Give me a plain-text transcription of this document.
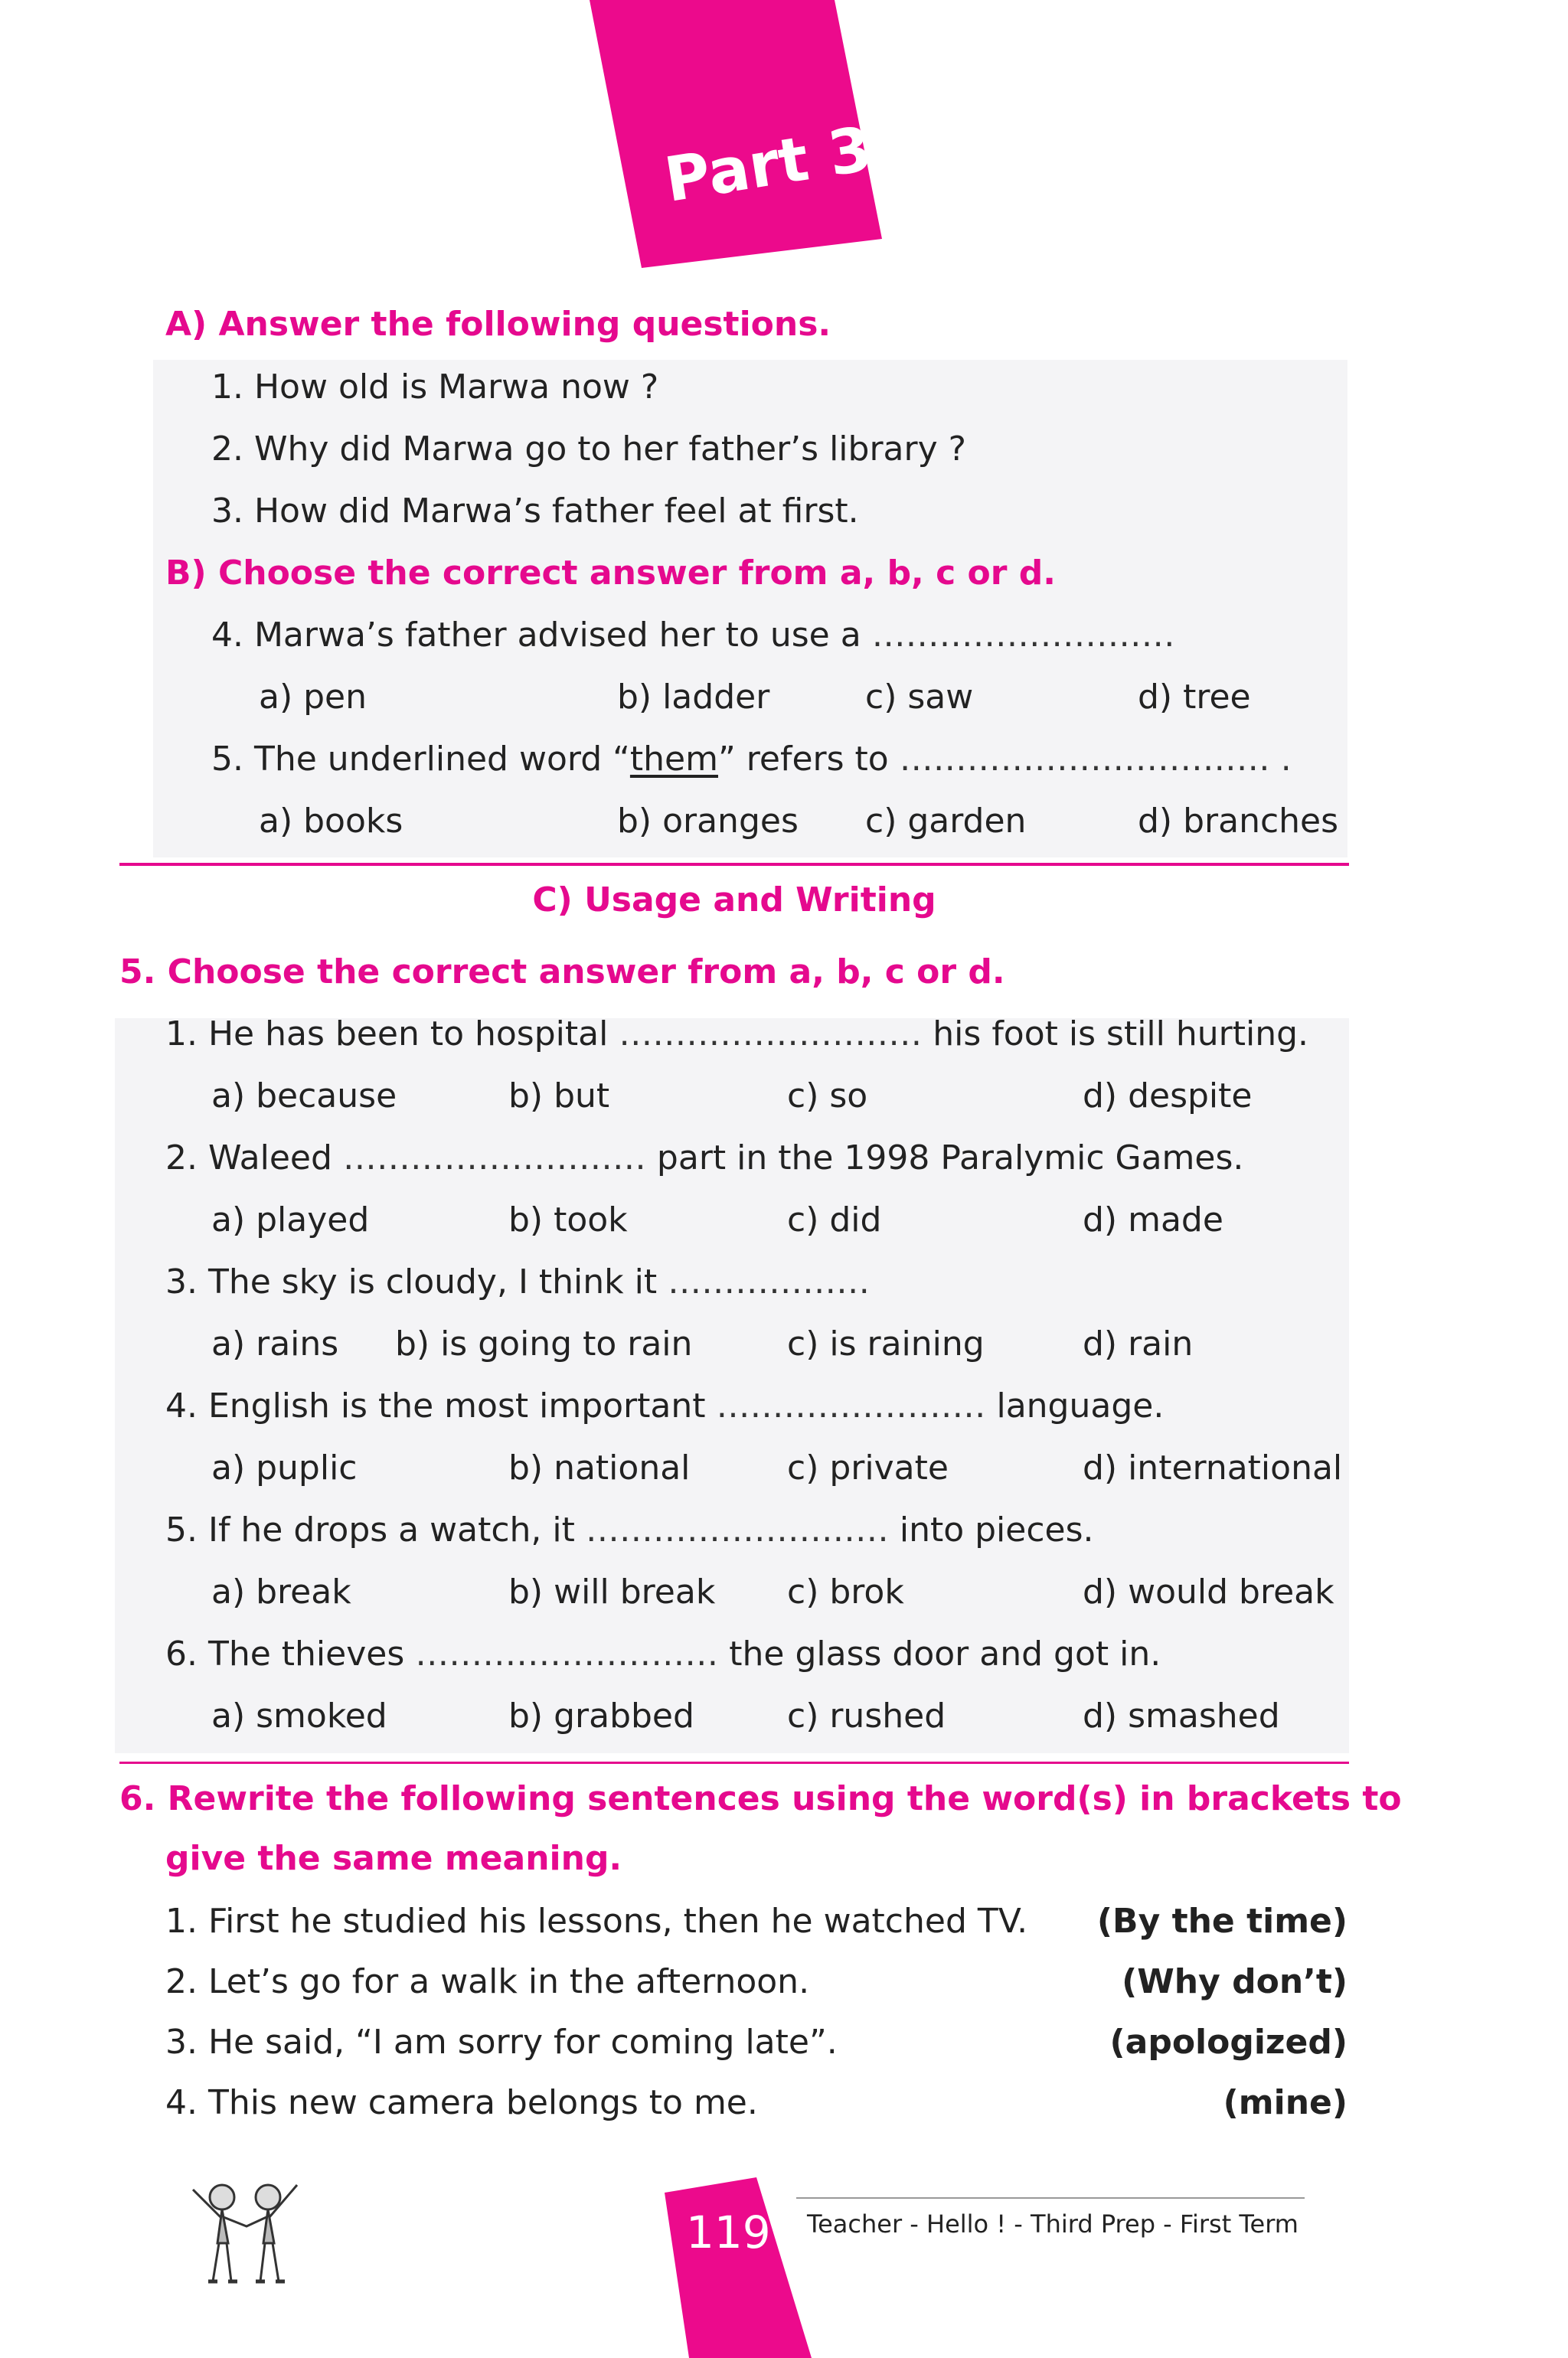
Part 3
A) Answer the following questions.
1. How old is Marwa now ?
2. Why did Marwa go to her father’s library ?
3. How did Marwa’s father feel at first.
B) Choose the correct answer from a, b, c or d.
4. Marwa’s father advised her to use a ………………………
a) pen	b) ladder	c) saw	d) tree
5. The underlined word “them” refers to …………………………… .
a) books	b) oranges c) garden	d) branches
C) Usage and Writing
5. Choose the correct answer from a, b, c or d.
1. He has been to hospital ……………………… his foot is still hurting.
a) because	b) but	c) so	d) despite
2. Waleed ……………………… part in the 1998 Paralymic Games.
a) played	b) took	c) did	d) made
3. The sky is cloudy, I think it ………………
a) rains b) is going to rain	c) is raining	d) rain
4. English is the most important …………………… language.
a) puplic	b) national	c) private	d) international
5. If he drops a watch, it ……………………… into pieces.
a) break	b) will break c) brok	d) would break
6. The thieves ……………………… the glass door and got in.
a) smoked	b) grabbed	c) rushed	d) smashed
6. Rewrite the following sentences using the word(s) in brackets to
give the same meaning.
1. First he studied his lessons, then he watched TV. (By the time)
2. Let’s go for a walk in the afternoon.	(Why don’t)
3. He said, “I am sorry for coming late”.	(apologized)
4. This new camera belongs to me.	(mine)
119 Teacher - Hello ! - Third Prep - First Term
